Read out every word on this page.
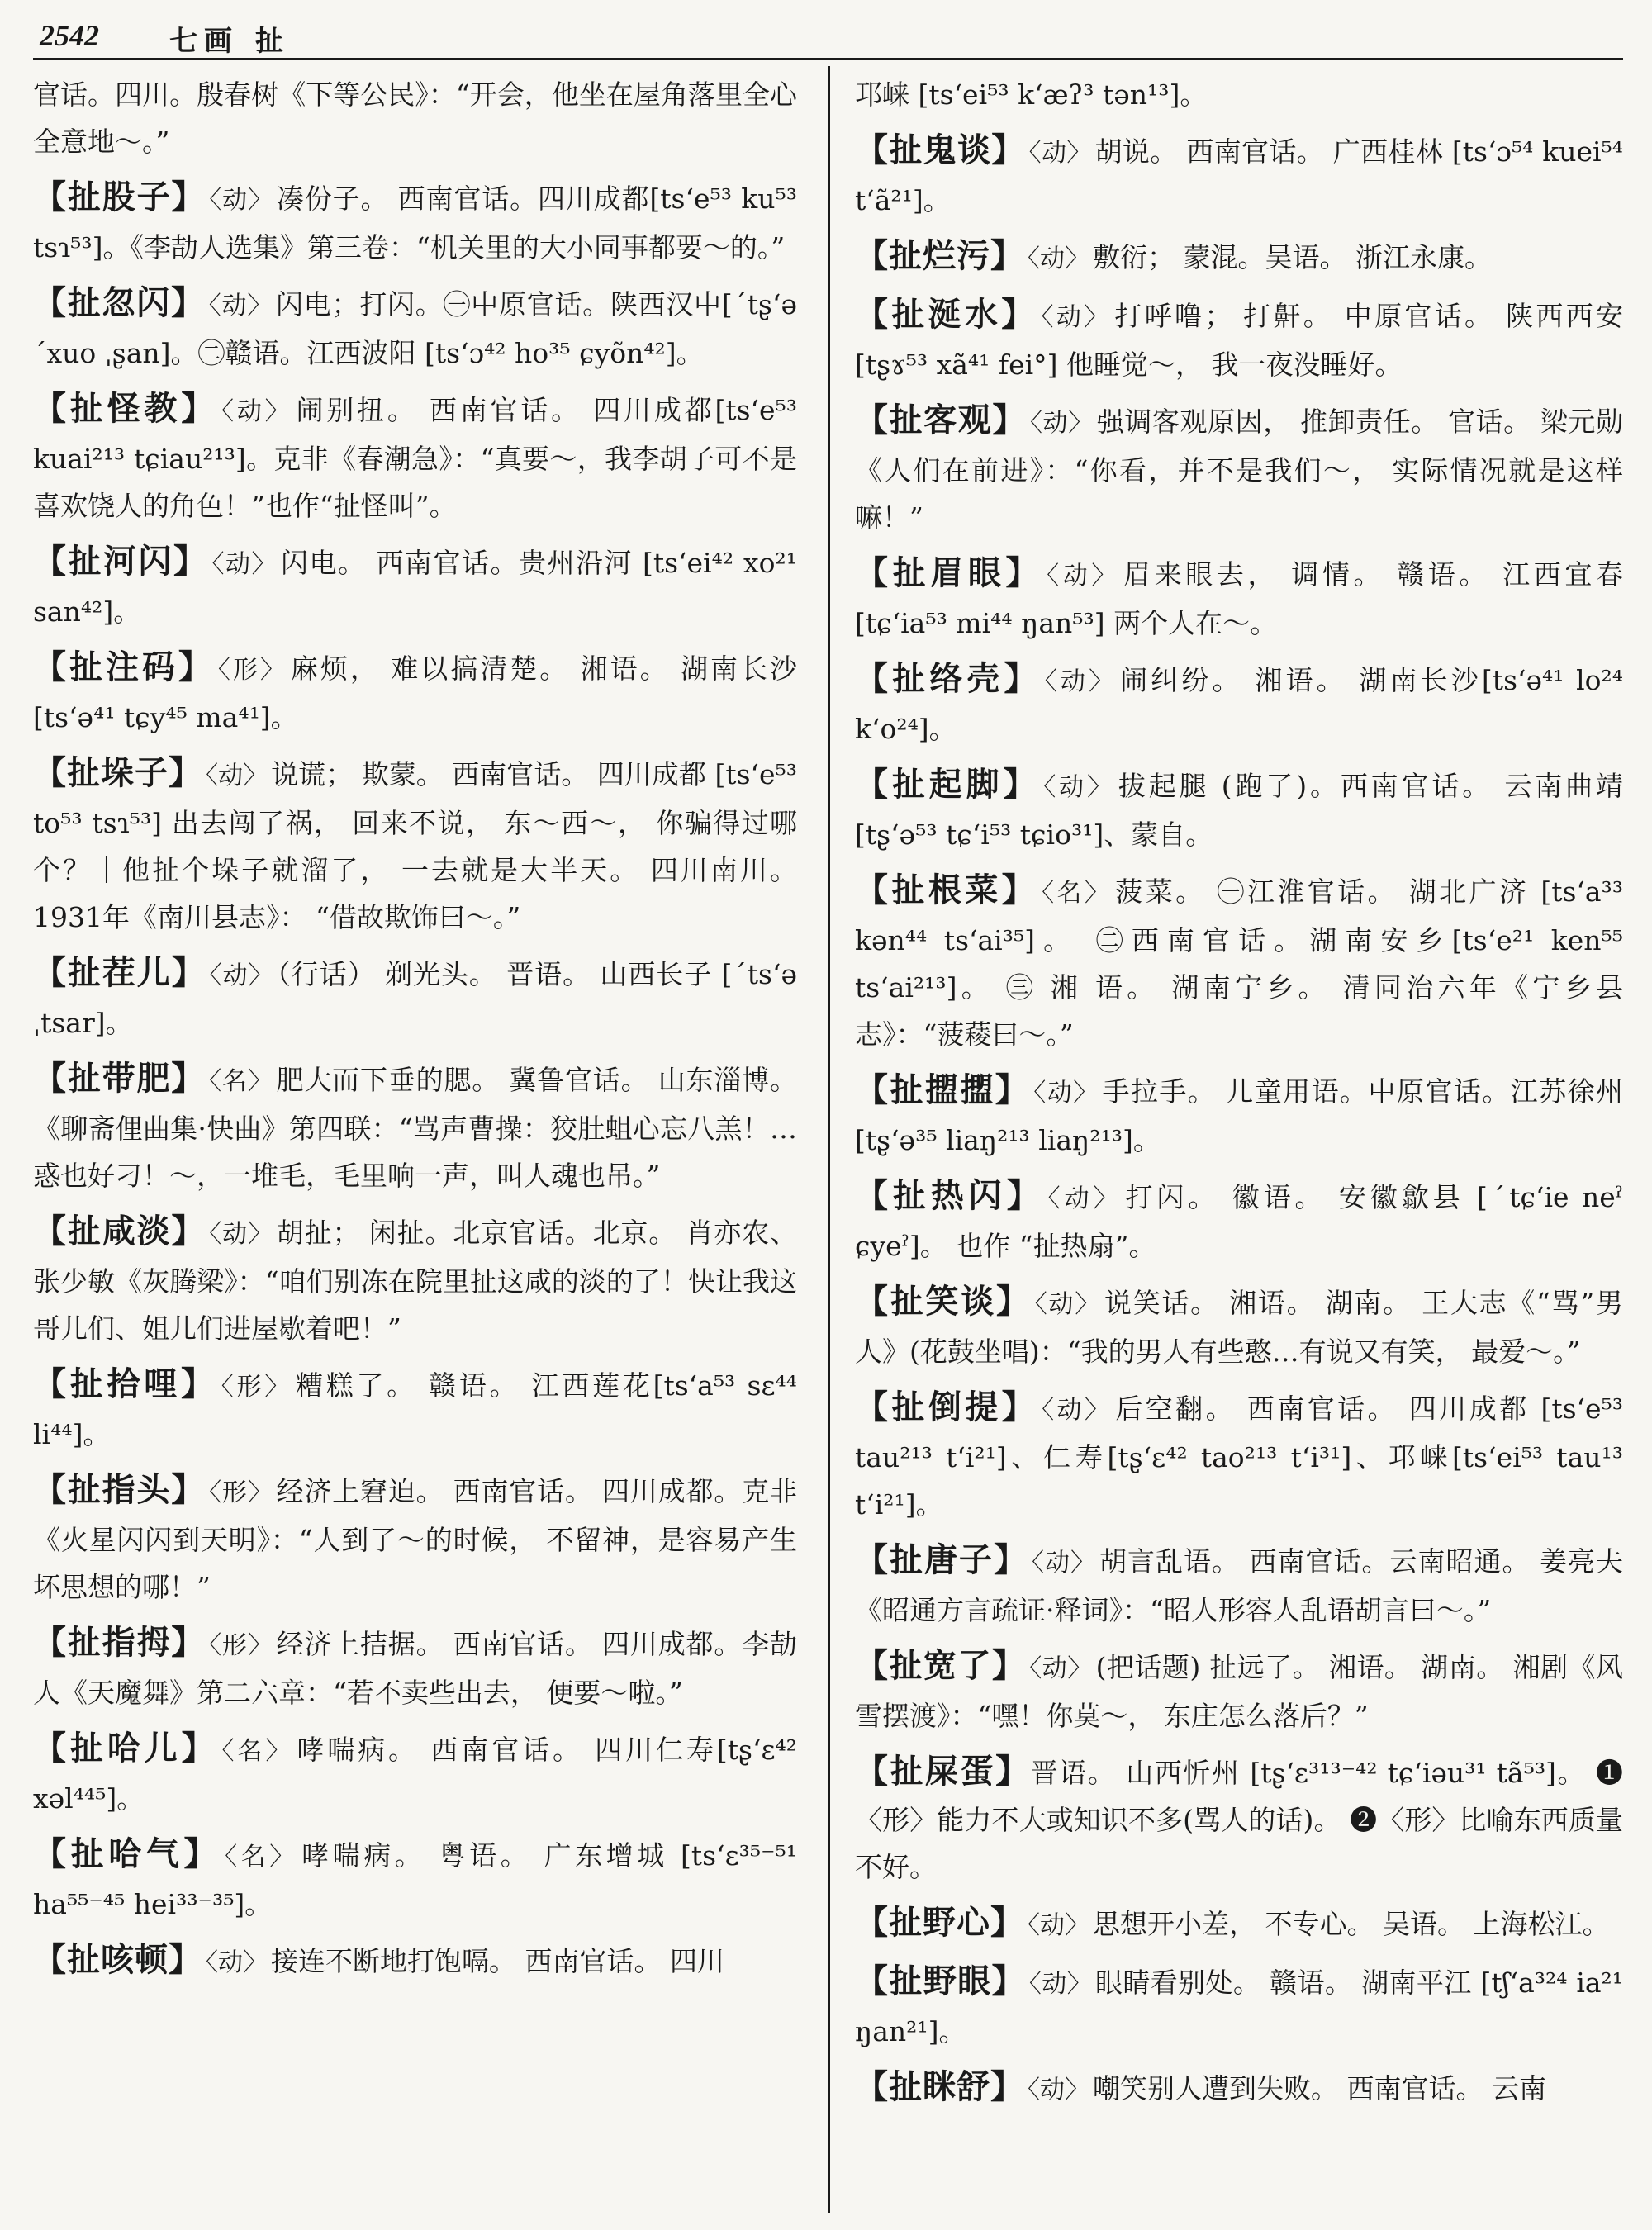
2542	七画 扯
官话。四川。殷春树《下等公民》：“开会，他坐在屋角落里全心全意地～。”
【扯股子】 〈动〉 凑份子。 西南官话。四川成都[ts‘e⁵³ ku⁵³ tsɿ⁵³]。《李劼人选集》第三卷：“机关里的大小同事都要～的。”
【扯忽闪】 〈动〉 闪电；打闪。㊀中原官话。陕西汉中[ˊtʂ‘ə ˊxuo ˌʂan]。㊁赣语。江西波阳 [ts‘ɔ⁴² ho³⁵ ɕyõn⁴²]。
【扯怪教】 〈动〉 闹别扭。 西南官话。 四川成都[ts‘e⁵³ kuai²¹³ tɕiau²¹³]。克非《春潮急》：“真要～，我李胡子可不是喜欢饶人的角色！”也作“扯怪叫”。
【扯河闪】 〈动〉 闪电。 西南官话。贵州沿河 [ts‘ei⁴² xo²¹ san⁴²]。
【扯注码】 〈形〉 麻烦， 难以搞清楚。 湘语。 湖南长沙 [ts‘ə⁴¹ tɕy⁴⁵ ma⁴¹]。
【扯垛子】 〈动〉 说谎； 欺蒙。 西南官话。 四川成都 [ts‘e⁵³ to⁵³ tsɿ⁵³] 出去闯了祸， 回来不说， 东～西～， 你骗得过哪个？｜他扯个垛子就溜了， 一去就是大半天。 四川南川。 1931年《南川县志》： “借故欺饰曰～。”
【扯茬儿】 〈动〉 （行话） 剃光头。 晋语。 山西长子 [ˊts‘ə ˌtsar]。
【扯带肥】 〈名〉 肥大而下垂的腮。 冀鲁官话。 山东淄博。《聊斋俚曲集·快曲》第四联：“骂声曹操：狡肚蛆心忘八羔！…惑也好刁！～，一堆毛，毛里响一声，叫人魂也吊。”
【扯咸淡】 〈动〉 胡扯； 闲扯。北京官话。北京。 肖亦农、张少敏《灰腾梁》：“咱们别冻在院里扯这咸的淡的了！快让我这哥儿们、姐儿们进屋歇着吧！”
【扯拾哩】 〈形〉 糟糕了。 赣语。 江西莲花[ts‘a⁵³ sɛ⁴⁴ li⁴⁴]。
【扯指头】 〈形〉 经济上窘迫。 西南官话。 四川成都。克非《火星闪闪到天明》：“人到了～的时候， 不留神，是容易产生坏思想的哪！”
【扯指拇】 〈形〉 经济上拮据。 西南官话。 四川成都。李劼人《天魔舞》第二六章：“若不卖些出去， 便要～啦。”
【扯哈儿】 〈名〉 哮喘病。 西南官话。 四川仁寿[tʂ‘ɛ⁴² xəl⁴⁴⁵]。
【扯哈气】 〈名〉 哮喘病。 粤语。 广东增城 [ts‘ɛ³⁵⁻⁵¹ ha⁵⁵⁻⁴⁵ hei³³⁻³⁵]。
【扯咳顿】 〈动〉 接连不断地打饱嗝。 西南官话。 四川
邛崃 [ts‘ei⁵³ k‘æʔ³ tən¹³]。
【扯鬼谈】 〈动〉 胡说。 西南官话。 广西桂林 [ts‘ɔ⁵⁴ kuei⁵⁴ t‘ã²¹]。
【扯烂污】 〈动〉 敷衍； 蒙混。吴语。 浙江永康。
【扯涎水】 〈动〉 打呼噜； 打鼾。 中原官话。 陕西西安 [tʂɤ⁵³ xã⁴¹ fei°] 他睡觉～， 我一夜没睡好。
【扯客观】 〈动〉 强调客观原因， 推卸责任。 官话。 梁元勋《人们在前进》：“你看，并不是我们～， 实际情况就是这样嘛！”
【扯眉眼】 〈动〉 眉来眼去， 调情。 赣语。 江西宜春 [tɕ‘ia⁵³ mi⁴⁴ ŋan⁵³] 两个人在～。
【扯络壳】 〈动〉 闹纠纷。 湘语。 湖南长沙[ts‘ə⁴¹ lo²⁴ k‘o²⁴]。
【扯起脚】 〈动〉 拔起腿 (跑了)。西南官话。 云南曲靖 [tʂ‘ə⁵³ tɕ‘i⁵³ tɕio³¹]、蒙自。
【扯根菜】 〈名〉 菠菜。 ㊀江淮官话。 湖北广济 [ts‘a³³ kən⁴⁴ ts‘ai³⁵]。 ㊁西南官话。湖南安乡[ts‘e²¹ ken⁵⁵ ts‘ai²¹³]。 ㊂ 湘 语。 湖南宁乡。 清同治六年《宁乡县志》：“菠薐曰～。”
【扯擝擝】 〈动〉 手拉手。 儿童用语。中原官话。江苏徐州 [tʂ‘ə³⁵ liaŋ²¹³ liaŋ²¹³]。
【扯热闪】 〈动〉 打闪。 徽语。 安徽歙县 [ˊtɕ‘ie neˀ ɕyeˀ]。 也作 “扯热扇”。
【扯笑谈】 〈动〉 说笑话。 湘语。 湖南。 王大志《“骂”男人》(花鼓坐唱)：“我的男人有些憨…有说又有笑， 最爱～。”
【扯倒提】 〈动〉 后空翻。 西南官话。 四川成都 [ts‘e⁵³ tau²¹³ t‘i²¹]、仁寿[tʂ‘ɛ⁴² tao²¹³ t‘i³¹]、邛崃[ts‘ei⁵³ tau¹³ t‘i²¹]。
【扯唐子】 〈动〉 胡言乱语。 西南官话。云南昭通。 姜亮夫《昭通方言疏证·释词》：“昭人形容人乱语胡言曰～。”
【扯宽了】 〈动〉 (把话题) 扯远了。 湘语。 湖南。 湘剧《风雪摆渡》：“嘿！你莫～， 东庄怎么落后？”
【扯屎蛋】晋语。 山西忻州 [tʂ‘ɛ³¹³⁻⁴² tɕ‘iəu³¹ tã⁵³]。 ❶〈形〉能力不大或知识不多(骂人的话)。 ❷〈形〉比喻东西质量不好。
【扯野心】 〈动〉 思想开小差， 不专心。 吴语。 上海松江。
【扯野眼】 〈动〉 眼睛看别处。 赣语。 湖南平江 [tʃ‘a³²⁴ ia²¹ ŋan²¹]。
【扯眯舒】 〈动〉 嘲笑别人遭到失败。 西南官话。 云南
